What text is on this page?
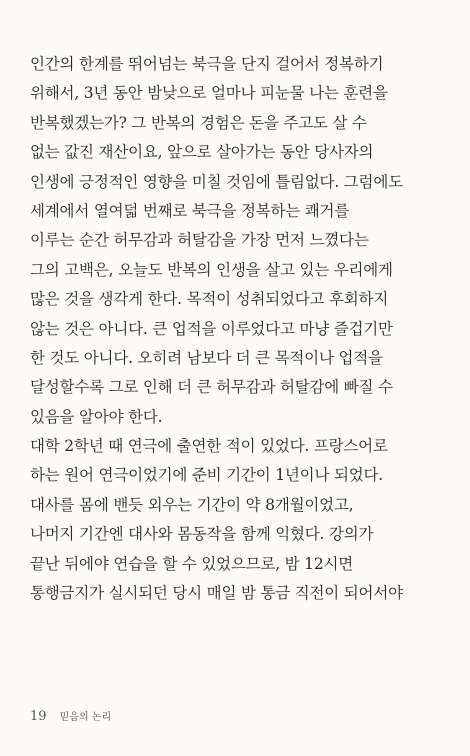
인간의 한계를 뛰어넘는 북극을 단지 걸어서 정복하기
위해서, 3년 동안 밤낮으로 얼마나 피눈물 나는 훈련을
반복했겠는가? 그 반복의 경험은 돈을 주고도 살 수
없는 값진 재산이요, 앞으로 살아가는 동안 당사자의
인생에 긍정적인 영향을 미칠 것임에 틀림없다. 그럼에도
세계에서 열여덟 번째로 북극을 정복하는 쾌거를
이루는 순간 허무감과 허탈감을 가장 먼저 느꼈다는
그의 고백은, 오늘도 반복의 인생을 살고 있는 우리에게
많은 것을 생각게 한다. 목적이 성취되었다고 후회하지
않는 것은 아니다. 큰 업적을 이루었다고 마냥 즐겁기만
한 것도 아니다. 오히려 남보다 더 큰 목적이나 업적을
달성할수록 그로 인해 더 큰 허무감과 허탈감에 빠질 수
있음을 알아야 한다.
대학 2학년 때 연극에 출연한 적이 있었다. 프랑스어로
하는 원어 연극이었기에 준비 기간이 1년이나 되었다.
대사를 몸에 밴듯 외우는 기간이 약 8개월이었고,
나머지 기간엔 대사와 몸동작을 함께 익혔다. 강의가
끝난 뒤에야 연습을 할 수 있었으므로, 밤 12시면
통행금지가 실시되던 당시 매일 밤 통금 직전이 되어서야
19 믿음의 논리
